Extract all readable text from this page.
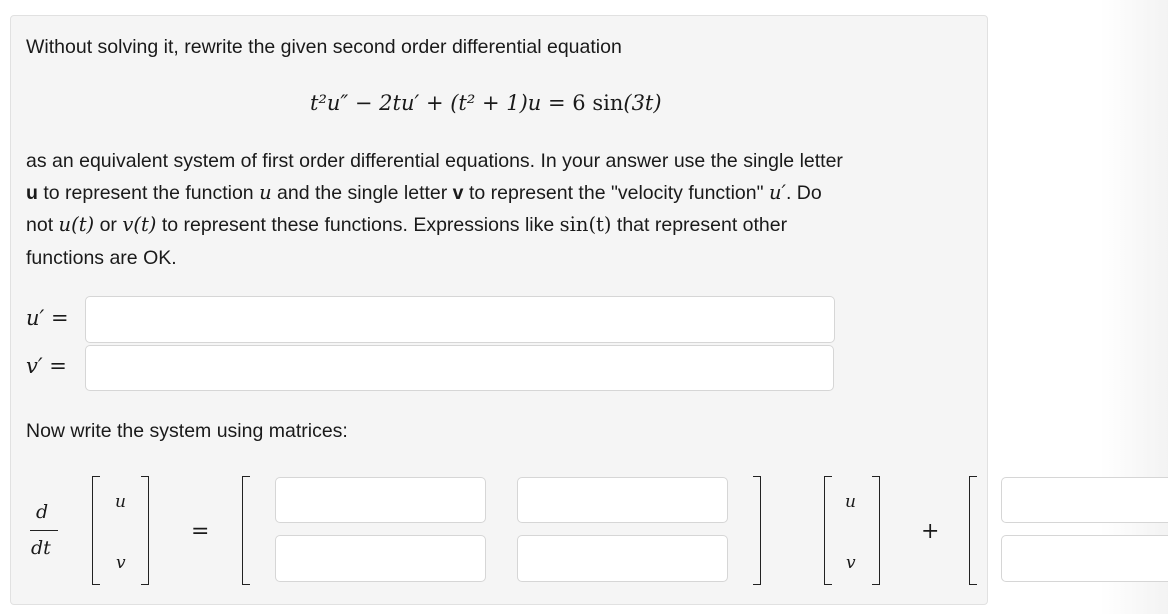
Without solving it, rewrite the given second order differential equation
t²u″ − 2tu′ + (t² + 1)u = 6 sin(3t)
as an equivalent system of first order differential equations. In your answer use the single letter
u to represent the function u and the single letter v to represent the "velocity function" u′. Do
not u(t) or v(t) to represent these functions. Expressions like sin(t) that represent other
functions are OK.
u′ =
v′ =
Now write the system using matrices:
d
dt
u
v
=
u
v
+
